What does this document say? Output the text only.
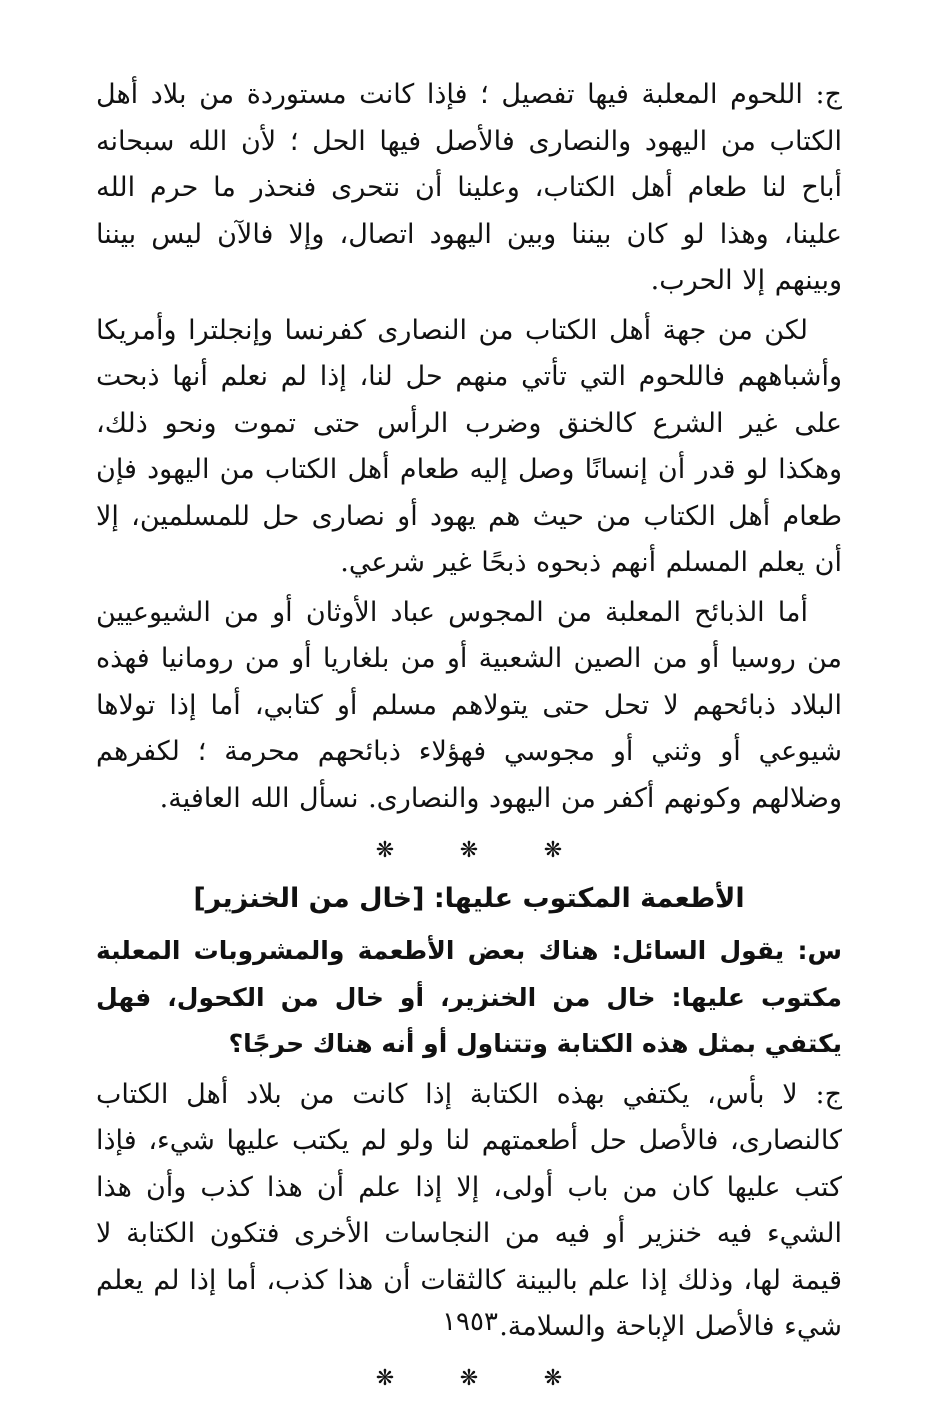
ج: اللحوم المعلبة فيها تفصيل ؛ فإذا كانت مستوردة من بلاد أهل الكتاب من اليهود والنصارى فالأصل فيها الحل ؛ لأن الله سبحانه أباح لنا طعام أهل الكتاب، وعلينا أن نتحرى فنحذر ما حرم الله علينا، وهذا لو كان بيننا وبين اليهود اتصال، وإلا فالآن ليس بيننا وبينهم إلا الحرب.

لكن من جهة أهل الكتاب من النصارى كفرنسا وإنجلترا وأمريكا وأشباههم فاللحوم التي تأتي منهم حل لنا، إذا لم نعلم أنها ذبحت على غير الشرع كالخنق وضرب الرأس حتى تموت ونحو ذلك، وهكذا لو قدر أن إنسانًا وصل إليه طعام أهل الكتاب من اليهود فإن طعام أهل الكتاب من حيث هم يهود أو نصارى حل للمسلمين، إلا أن يعلم المسلم أنهم ذبحوه ذبحًا غير شرعي.

أما الذبائح المعلبة من المجوس عباد الأوثان أو من الشيوعيين من روسيا أو من الصين الشعبية أو من بلغاريا أو من رومانيا فهذه البلاد ذبائحهم لا تحل حتى يتولاهم مسلم أو كتابي، أما إذا تولاها شيوعي أو وثني أو مجوسي فهؤلاء ذبائحهم محرمة ؛ لكفرهم وضلالهم وكونهم أكفر من اليهود والنصارى. نسأل الله العافية.

❋
❋
❋
الأطعمة المكتوب عليها: [خال من الخنزير]

س: يقول السائل: هناك بعض الأطعمة والمشروبات المعلبة مكتوب عليها: خال من الخنزير، أو خال من الكحول، فهل يكتفي بمثل هذه الكتابة وتتناول أو أنه هناك حرجًا؟

ج: لا بأس، يكتفي بهذه الكتابة إذا كانت من بلاد أهل الكتاب كالنصارى، فالأصل حل أطعمتهم لنا ولو لم يكتب عليها شيء، فإذا كتب عليها كان من باب أولى، إلا إذا علم أن هذا كذب وأن هذا الشيء فيه خنزير أو فيه من النجاسات الأخرى فتكون الكتابة لا قيمة لها، وذلك إذا علم بالبينة كالثقات أن هذا كذب، أما إذا لم يعلم شيء فالأصل الإباحة والسلامة.

❋
❋
❋
١٩٥٣
